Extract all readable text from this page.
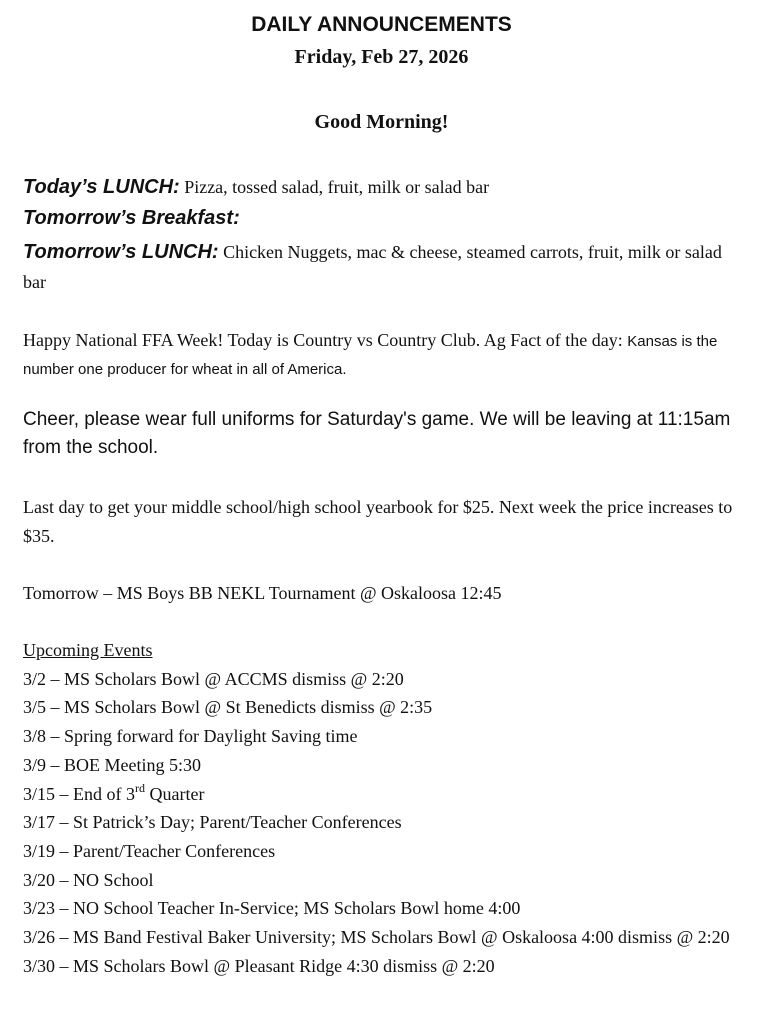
DAILY ANNOUNCEMENTS
Friday, Feb 27, 2026
Good Morning!
Today’s LUNCH: Pizza, tossed salad, fruit, milk or salad bar
Tomorrow’s Breakfast:
Tomorrow’s LUNCH: Chicken Nuggets, mac & cheese, steamed carrots, fruit, milk or salad bar
Happy National FFA Week! Today is Country vs Country Club. Ag Fact of the day: Kansas is the number one producer for wheat in all of America.
Cheer, please wear full uniforms for Saturday's game. We will be leaving at 11:15am from the school.
Last day to get your middle school/high school yearbook for $25. Next week the price increases to $35.
Tomorrow – MS Boys BB NEKL Tournament @ Oskaloosa 12:45
Upcoming Events
3/2 – MS Scholars Bowl @ ACCMS dismiss @ 2:20
3/5 – MS Scholars Bowl @ St Benedicts dismiss @ 2:35
3/8 – Spring forward for Daylight Saving time
3/9 – BOE Meeting 5:30
3/15 – End of 3rd Quarter
3/17 – St Patrick’s Day; Parent/Teacher Conferences
3/19 – Parent/Teacher Conferences
3/20 – NO School
3/23 – NO School Teacher In-Service; MS Scholars Bowl home 4:00
3/26 – MS Band Festival Baker University; MS Scholars Bowl @ Oskaloosa 4:00 dismiss @ 2:20
3/30 – MS Scholars Bowl @ Pleasant Ridge 4:30 dismiss @ 2:20
